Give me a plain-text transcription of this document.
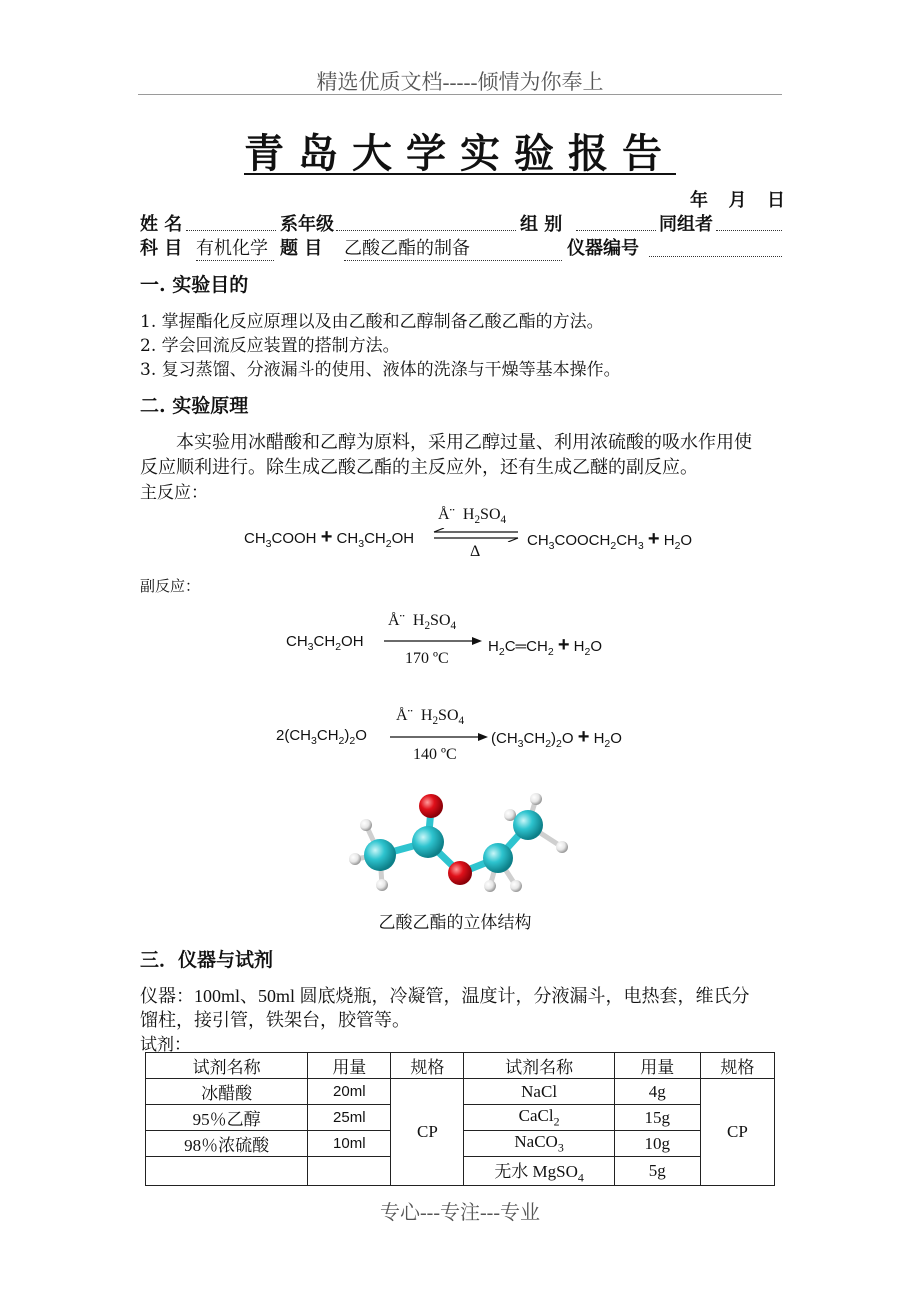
精选优质文档-----倾情为你奉上
青岛大学实验报告
年 月 日
姓 名	系年级	组 别	同组者
科 目 有机化学 题 目 乙酸乙酯的制备	仪器编号
一. 实验目的
1. 掌握酯化反应原理以及由乙酸和乙醇制备乙酸乙酯的方法。
2. 学会回流反应装置的搭制方法。
3. 复习蒸馏、分液漏斗的使用、液体的洗涤与干燥等基本操作。
二. 实验原理
本实验用冰醋酸和乙醇为原料，采用乙醇过量、利用浓硫酸的吸水作用使
反应顺利进行。除生成乙酸乙酯的主反应外，还有生成乙醚的副反应。
主反应：
$CH_3COOH + CH_3CH_2OH$
Å¨  $H_2SO_4$
Δ
$CH_3COOCH_2CH_3 + H_2O$
副反应：
$CH_3CH_2OH$
Å¨  $H_2SO_4$
170 ºC
$H_2C═CH_2 + H_2O$
$2(CH_3CH_2)_2O$
Å¨  $H_2SO_4$
140 ºC
$(CH_3CH_2)_2O + H_2O$
乙酸乙酯的立体结构
三．仪器与试剂
仪器：100ml、50ml 圆底烧瓶，冷凝管，温度计，分液漏斗，电热套，维氏分
馏柱，接引管，铁架台，胶管等。
试剂：
试剂名称	用量	规格	试剂名称	用量	规格
冰醋酸	20ml	CP	NaCl	4g	CP
95％乙醇	25ml		CaCl$_2$	15g	
98％浓硫酸	10ml		NaCO$_3$	10g	
			无水 MgSO$_4$	5g	
专心---专注---专业
